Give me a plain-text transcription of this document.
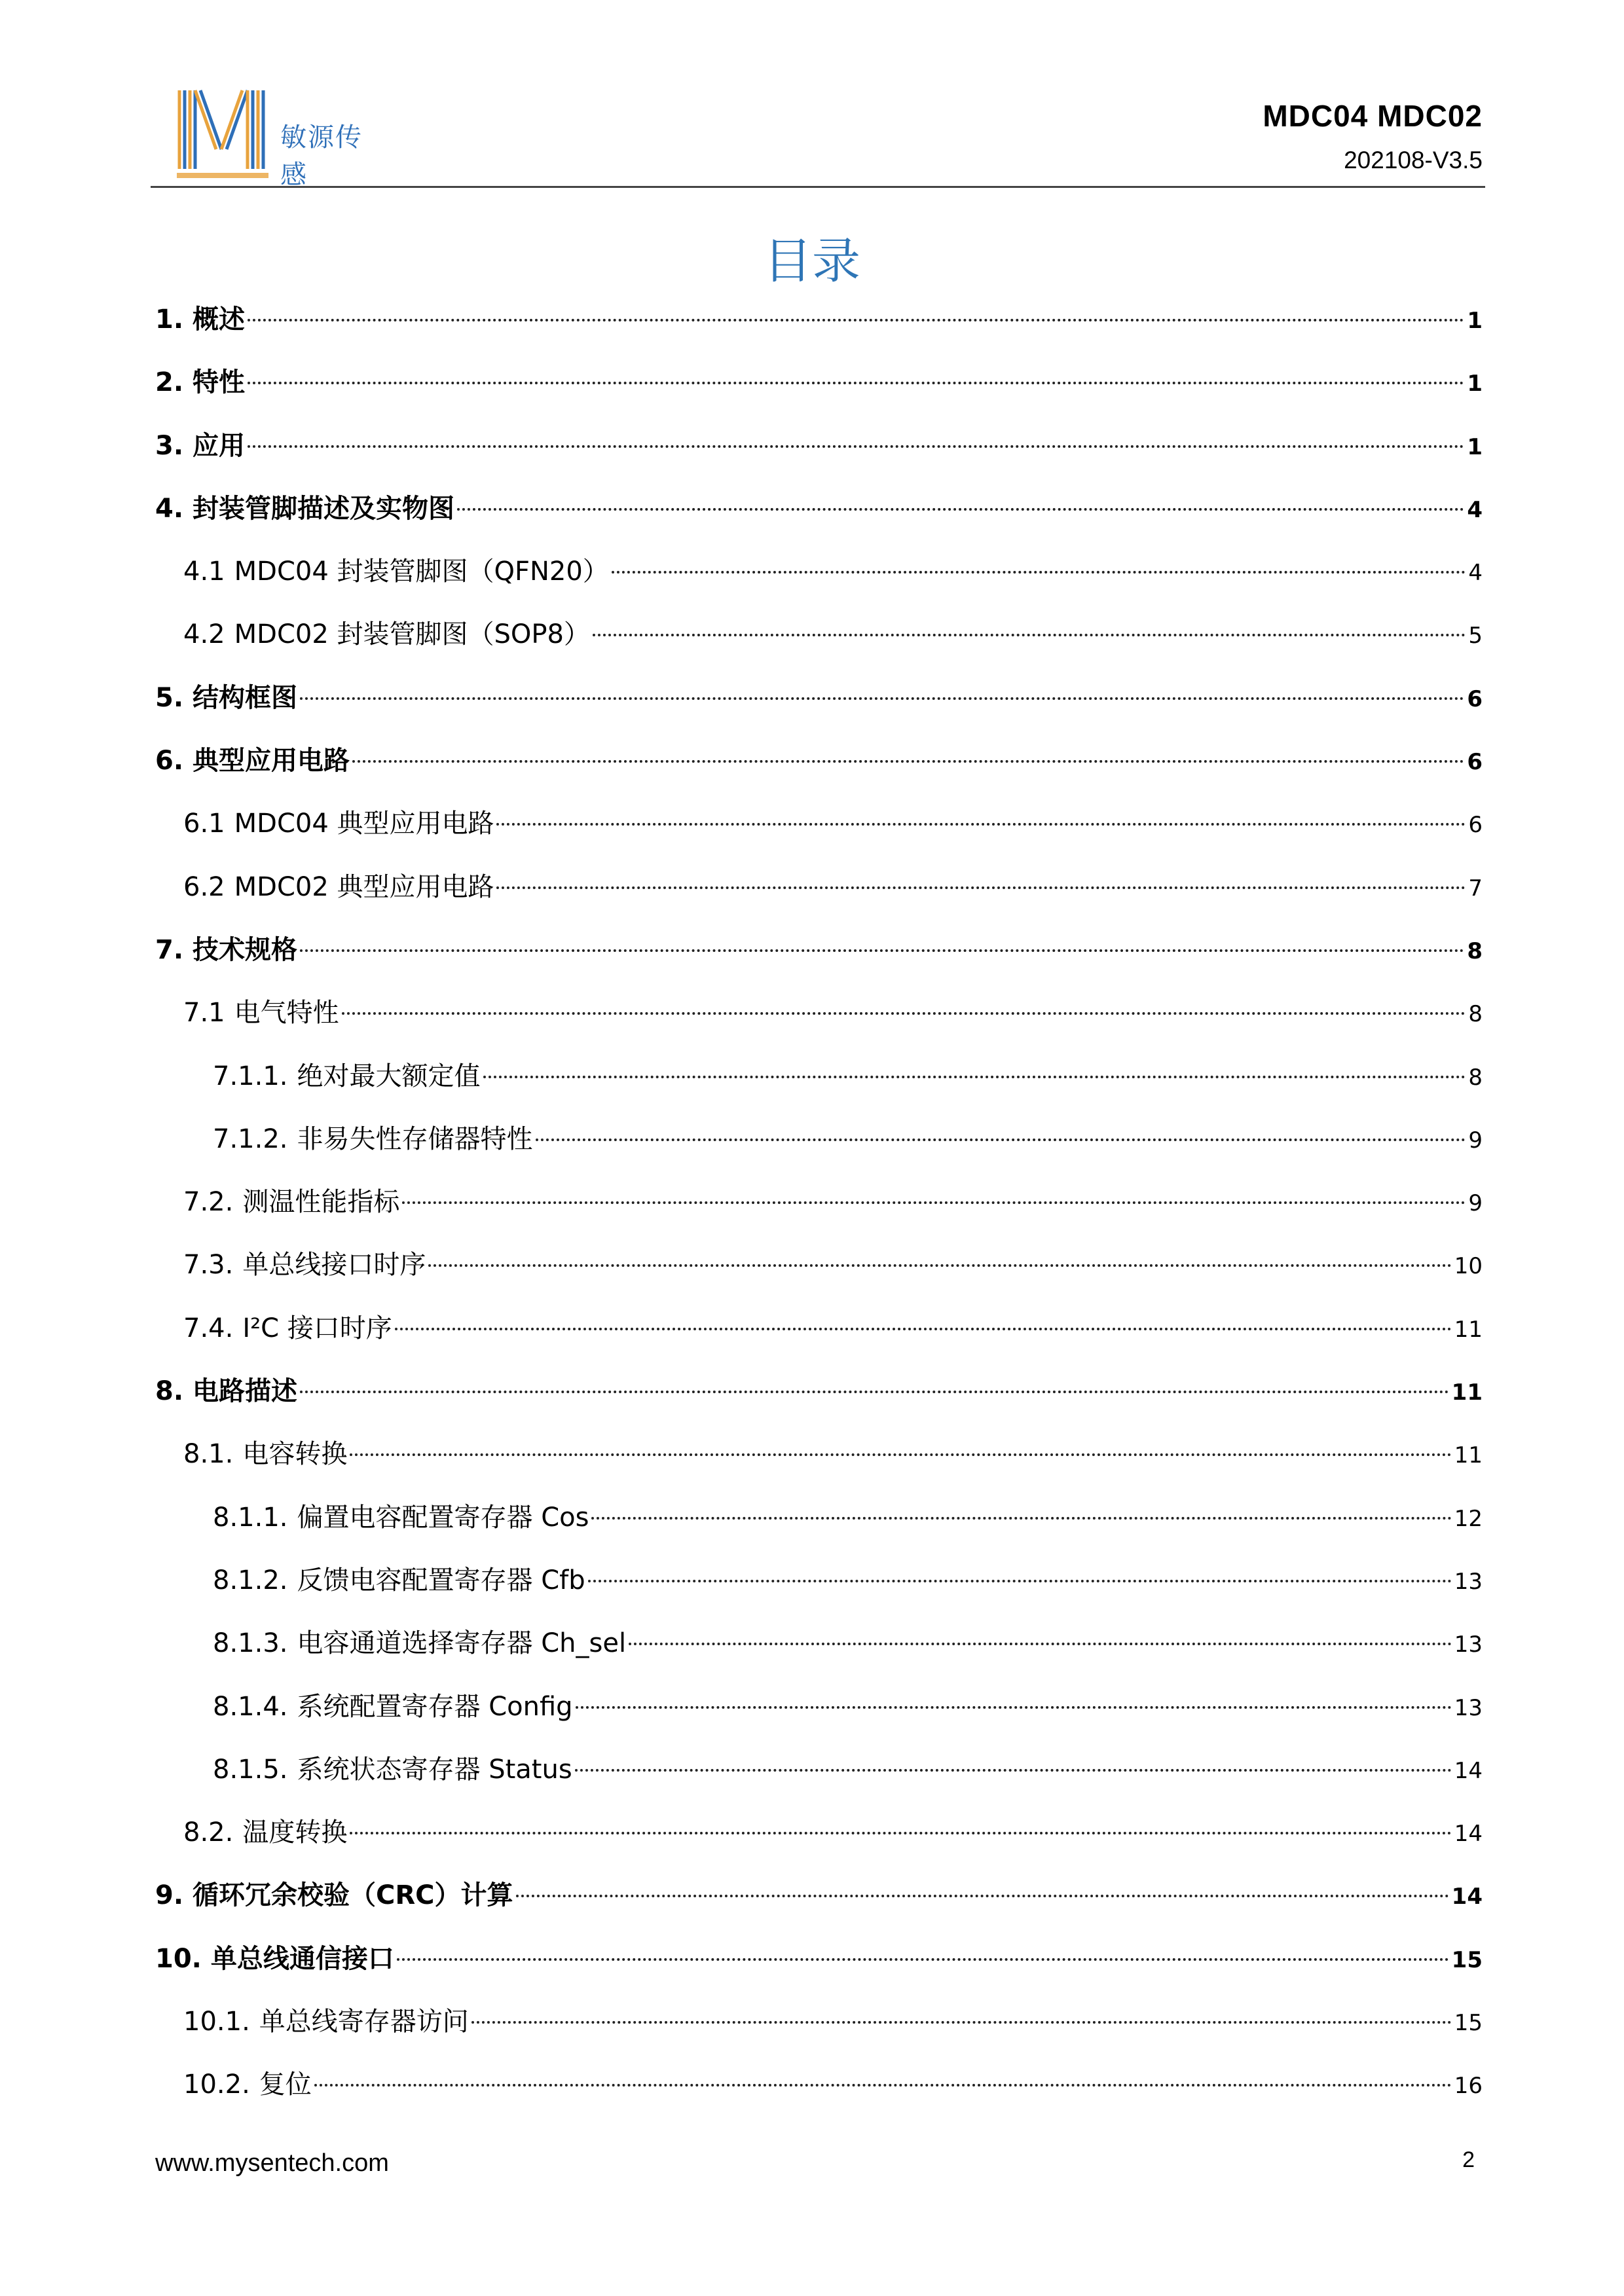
敏源传感
MDC04 MDC02
202108-V3.5
目录
1. 概述	1
2. 特性	1
3. 应用	1
4. 封装管脚描述及实物图	4
4.1 MDC04 封装管脚图（QFN20）	4
4.2 MDC02 封装管脚图（SOP8）	5
5. 结构框图	6
6. 典型应用电路	6
6.1 MDC04 典型应用电路	6
6.2 MDC02 典型应用电路	7
7. 技术规格	8
7.1 电气特性	8
7.1.1. 绝对最大额定值	8
7.1.2. 非易失性存储器特性	9
7.2. 测温性能指标	9
7.3. 单总线接口时序	10
7.4. I²C 接口时序	11
8. 电路描述	11
8.1. 电容转换	11
8.1.1. 偏置电容配置寄存器 Cos	12
8.1.2. 反馈电容配置寄存器 Cfb	13
8.1.3. 电容通道选择寄存器 Ch_sel	13
8.1.4. 系统配置寄存器 Config	13
8.1.5. 系统状态寄存器 Status	14
8.2. 温度转换	14
9. 循环冗余校验（CRC）计算	14
10. 单总线通信接口	15
10.1. 单总线寄存器访问	15
10.2. 复位	16
www.mysentech.com	2
